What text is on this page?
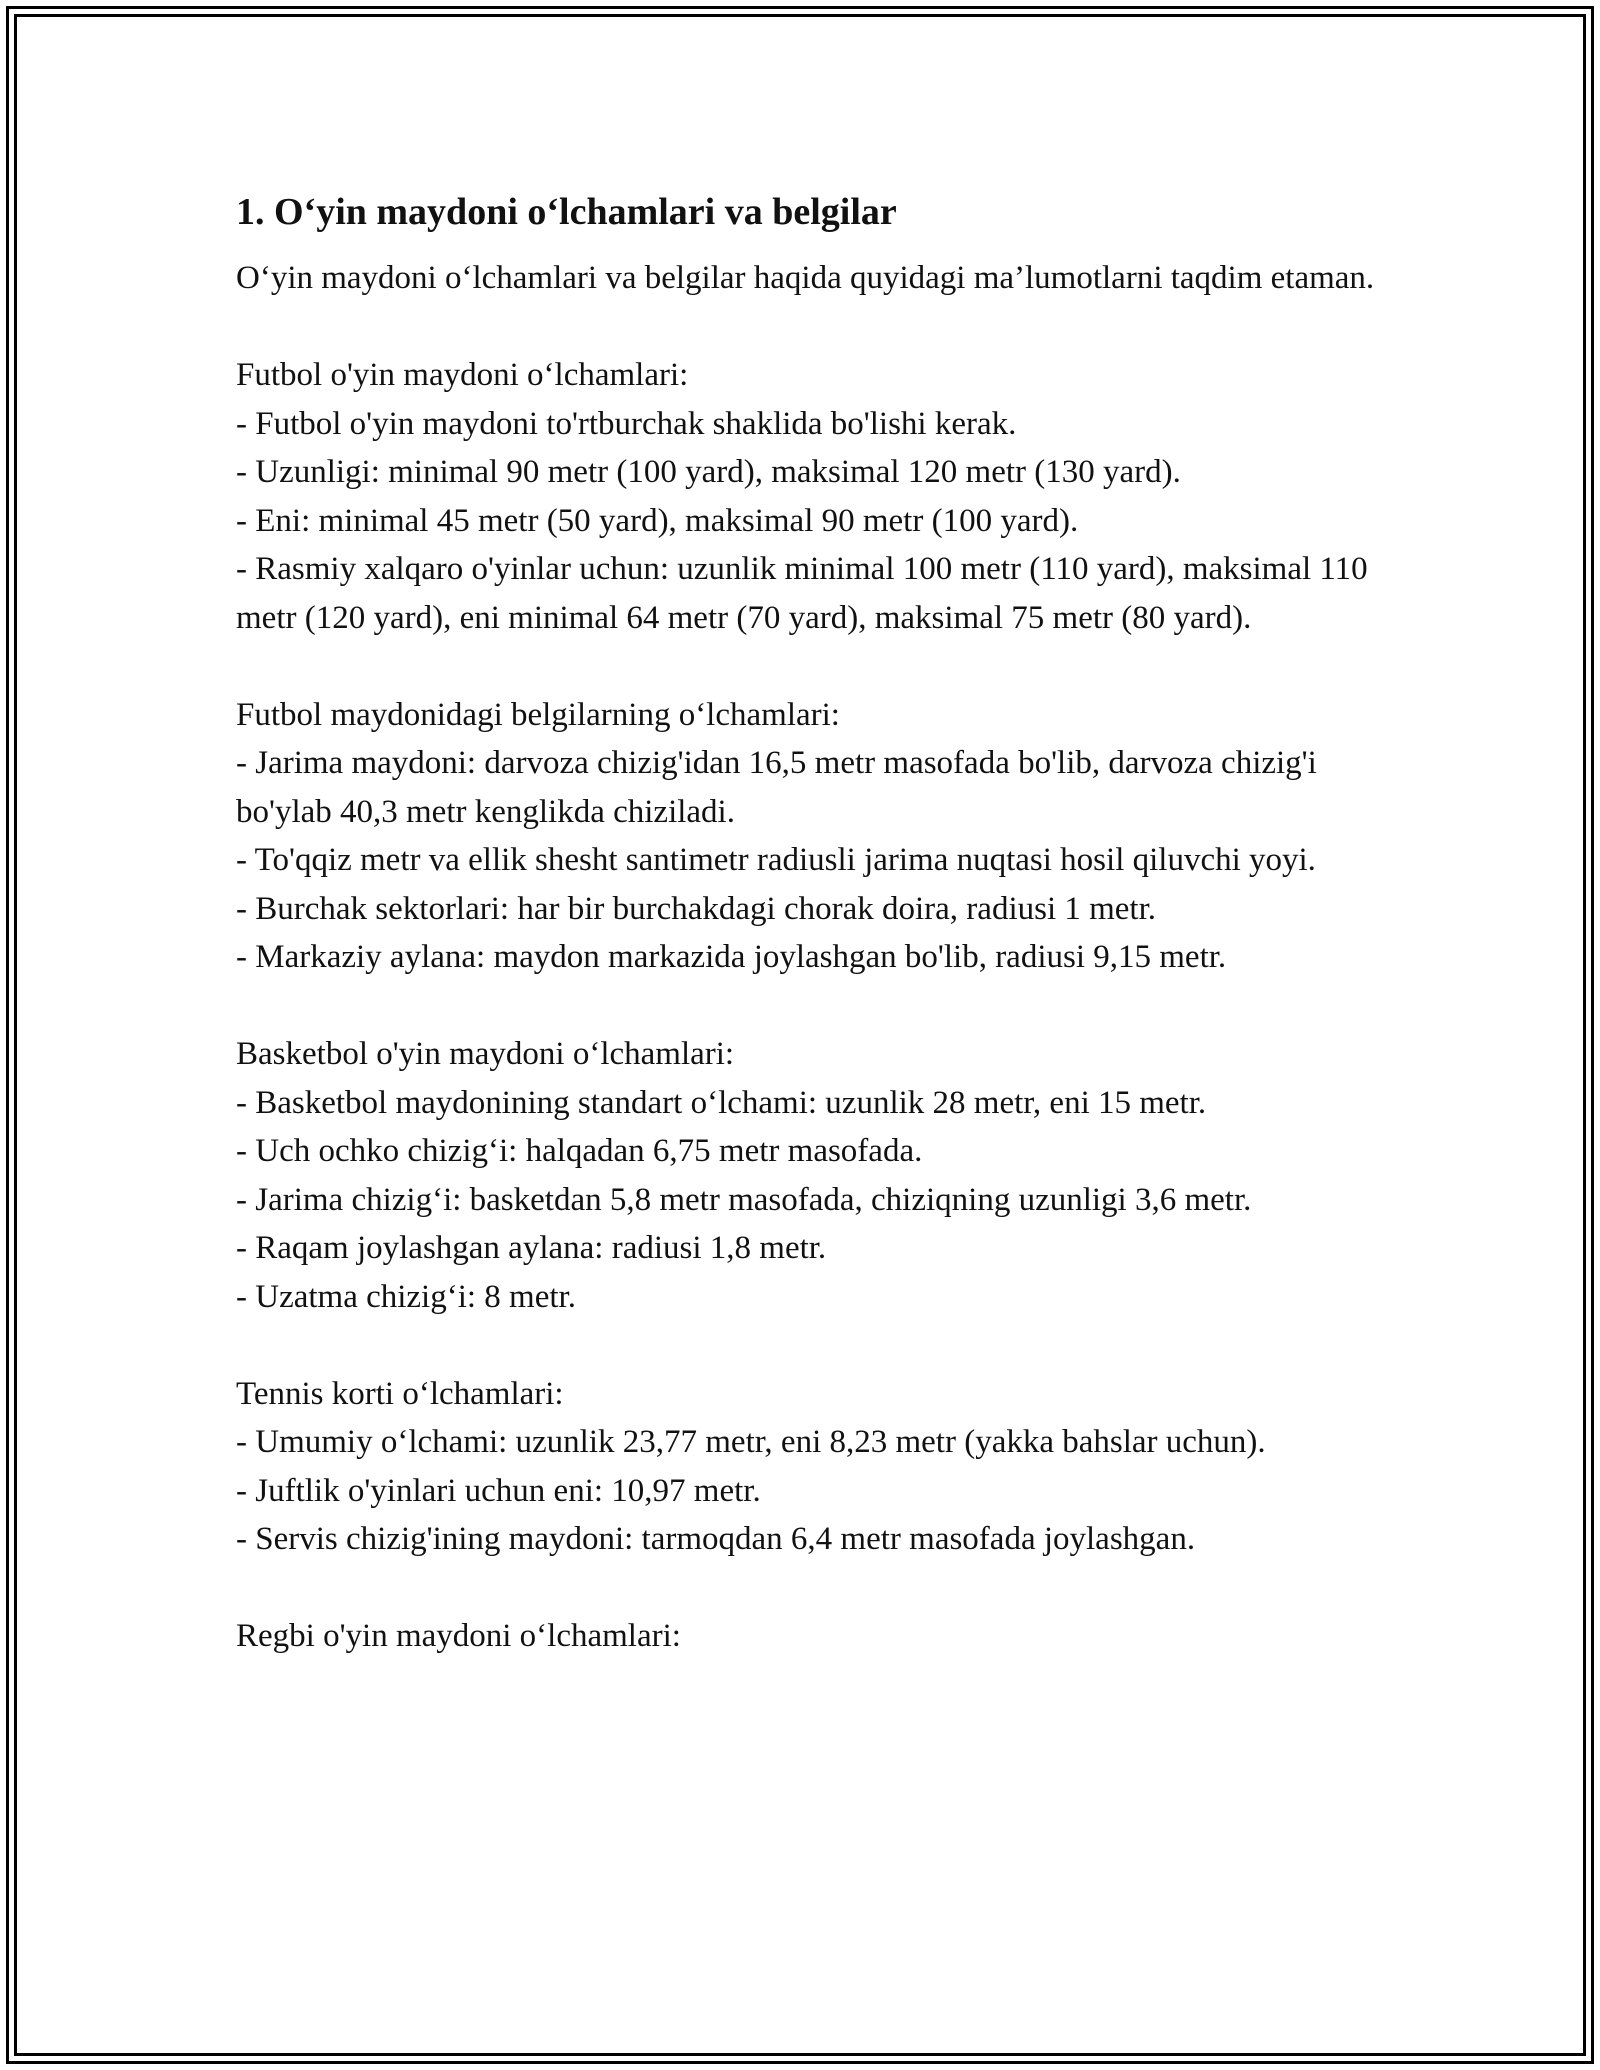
1. O‘yin maydoni o‘lchamlari va belgilar

O‘yin maydoni o‘lchamlari va belgilar haqida quyidagi ma’lumotlarni taqdim etaman.

Futbol o'yin maydoni o‘lchamlari:

- Futbol o'yin maydoni to'rtburchak shaklida bo'lishi kerak.

- Uzunligi: minimal 90 metr (100 yard), maksimal 120 metr (130 yard).

- Eni: minimal 45 metr (50 yard), maksimal 90 metr (100 yard).

- Rasmiy xalqaro o'yinlar uchun: uzunlik minimal 100 metr (110 yard), maksimal 110 metr (120 yard), eni minimal 64 metr (70 yard), maksimal 75 metr (80 yard).

Futbol maydonidagi belgilarning o‘lchamlari:

- Jarima maydoni: darvoza chizig'idan 16,5 metr masofada bo'lib, darvoza chizig'i bo'ylab 40,3 metr kenglikda chiziladi.

- To'qqiz metr va ellik shesht santimetr radiusli jarima nuqtasi hosil qiluvchi yoyi.

- Burchak sektorlari: har bir burchakdagi chorak doira, radiusi 1 metr.

- Markaziy aylana: maydon markazida joylashgan bo'lib, radiusi 9,15 metr.

Basketbol o'yin maydoni o‘lchamlari:

- Basketbol maydonining standart o‘lchami: uzunlik 28 metr, eni 15 metr.

- Uch ochko chizig‘i: halqadan 6,75 metr masofada.

- Jarima chizig‘i: basketdan 5,8 metr masofada, chiziqning uzunligi 3,6 metr.

- Raqam joylashgan aylana: radiusi 1,8 metr.

- Uzatma chizig‘i: 8 metr.

Tennis korti o‘lchamlari:

- Umumiy o‘lchami: uzunlik 23,77 metr, eni 8,23 metr (yakka bahslar uchun).

- Juftlik o'yinlari uchun eni: 10,97 metr.

- Servis chizig'ining maydoni: tarmoqdan 6,4 metr masofada joylashgan.

Regbi o'yin maydoni o‘lchamlari:
